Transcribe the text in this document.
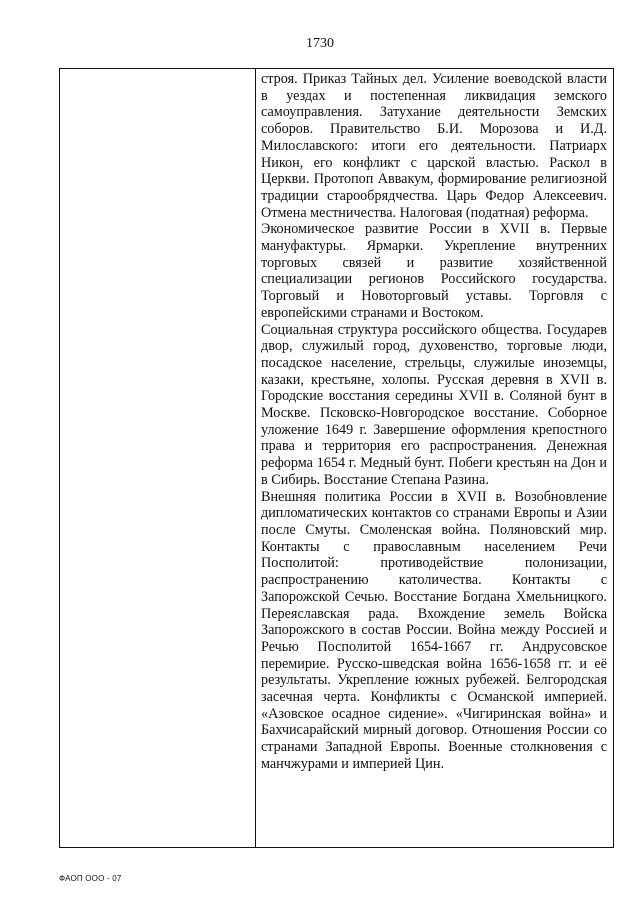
1730

строя. Приказ Тайных дел. Усиление воеводской власти в уездах и постепенная ликвидация земского самоуправления. Затухание деятельности Земских соборов. Правительство Б.И. Морозова и И.Д. Милославского: итоги его деятельности. Патриарх Никон, его конфликт с царской властью. Раскол в Церкви. Протопоп Аввакум, формирование религиозной традиции старообрядчества. Царь Федор Алексеевич. Отмена местничества. Налоговая (податная) реформа.

Экономическое развитие России в XVII в. Первые мануфактуры. Ярмарки. Укрепление внутренних торговых связей и развитие хозяйственной специализации регионов Российского государства. Торговый и Новоторговый уставы. Торговля с европейскими странами и Востоком.

Социальная структура российского общества. Государев двор, служилый город, духовенство, торговые люди, посадское население, стрельцы, служилые иноземцы, казаки, крестьяне, холопы. Русская деревня в XVII в. Городские восстания середины XVII в. Соляной бунт в Москве. Псковско-Новгородское восстание. Соборное уложение 1649 г. Завершение оформления крепостного права и территория его распространения. Денежная реформа 1654 г. Медный бунт. Побеги крестьян на Дон и в Сибирь. Восстание Степана Разина.

Внешняя политика России в XVII в. Возобновление дипломатических контактов со странами Европы и Азии после Смуты. Смоленская война. Поляновский мир. Контакты с православным населением Речи Посполитой: противодействие полонизации, распространению католичества. Контакты с Запорожской Сечью. Восстание Богдана Хмельницкого. Переяславская рада. Вхождение земель Войска Запорожского в состав России. Война между Россией и Речью Посполитой 1654-1667 гг. Андрусовское перемирие. Русско-шведская война 1656-1658 гг. и её результаты. Укрепление южных рубежей. Белгородская засечная черта. Конфликты с Османской империей. «Азовское осадное сидение». «Чигиринская война» и Бахчисарайский мирный договор. Отношения России со странами Западной Европы. Военные столкновения с манчжурами и империей Цин.

ФАОП ООО - 07
